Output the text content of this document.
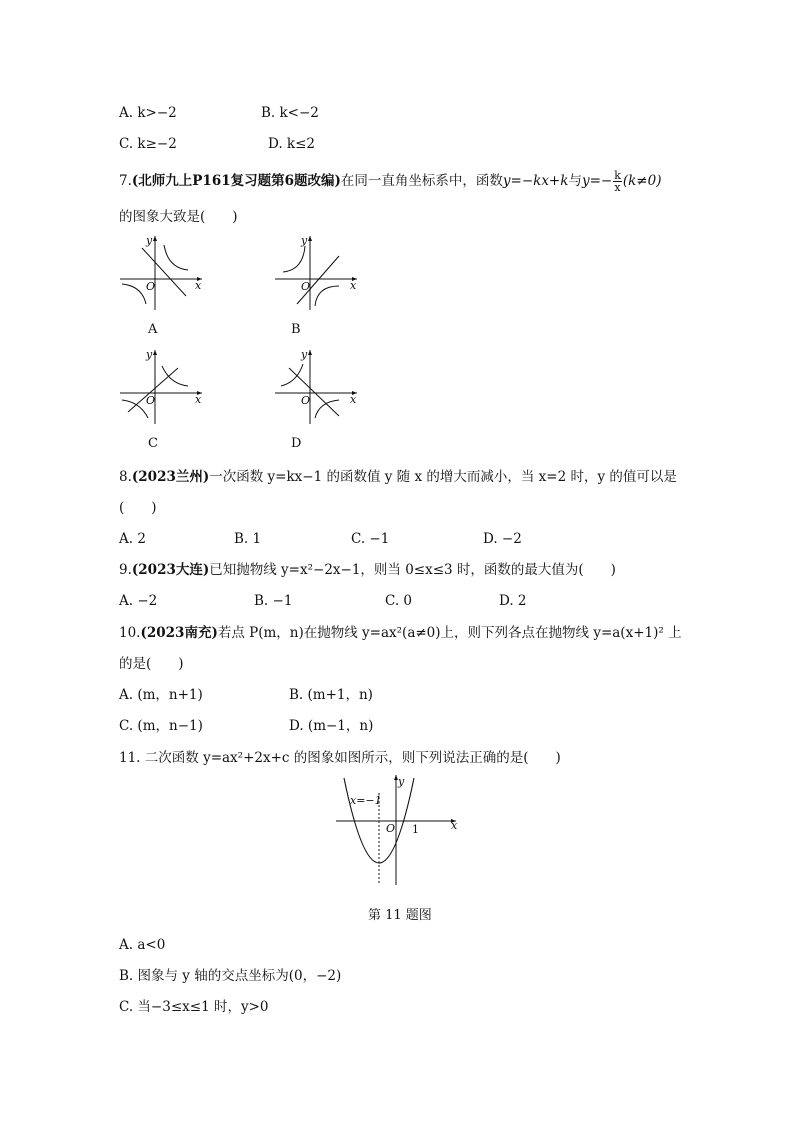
A. k>−2	B. k<−2
C. k≥−2	D. k≤2
7.(北师九上P161复习题第6题改编)在同一直角坐标系中，函数y=−kx+k与$y=- \frac{k}{x} (k\ne 0)$
的图象大致是(　　)
x
y
O
A
x
y
O
B
x
y
O
C
x
y
O
D
8.(2023兰州)一次函数 y=kx−1 的函数值 y 随 x 的增大而减小，当 x=2 时，y 的值可以是
(　　)
A. 2	B. 1	C. −1	D. −2
9.(2023大连)已知抛物线 y=x²−2x−1，则当 0≤x≤3 时，函数的最大值为(　　)
A. −2	B. −1	C. 0	D. 2
10.(2023南充)若点 P(m，n)在抛物线 y=ax²(a≠0)上，则下列各点在抛物线 y=a(x+1)² 上
的是(　　)
A. (m，n+1)	B. (m+1，n)
C. (m，n−1)	D. (m−1，n)
11. 二次函数 y=ax²+2x+c 的图象如图所示，则下列说法正确的是(　　)
x=−1
y
x
O 1
第 11 题图
A. a<0
B. 图象与 y 轴的交点坐标为(0，−2)
C. 当−3≤x≤1 时，y>0
